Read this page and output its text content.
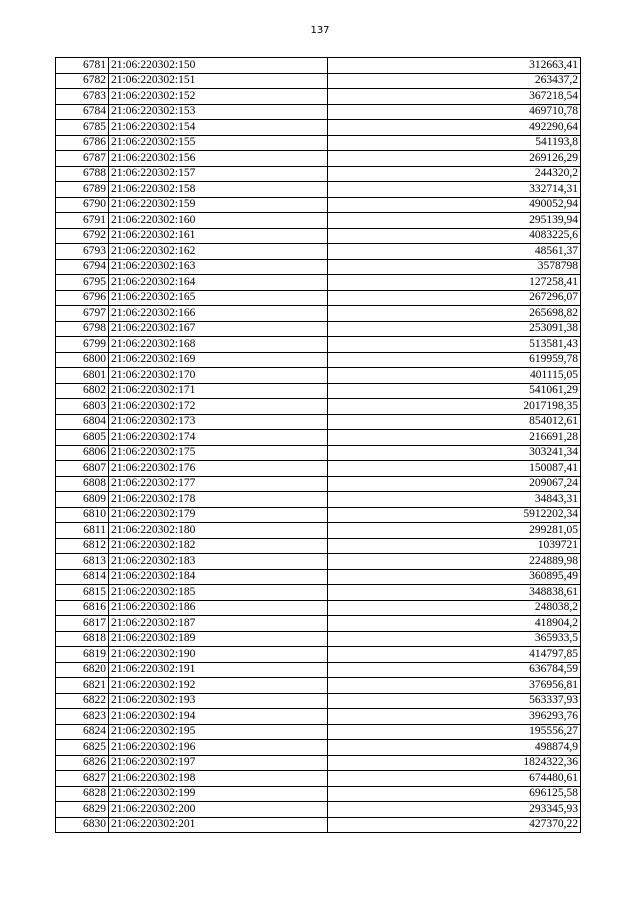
137
6781	21:06:220302:150	312663,41
6782	21:06:220302:151	263437,2
6783	21:06:220302:152	367218,54
6784	21:06:220302:153	469710,78
6785	21:06:220302:154	492290,64
6786	21:06:220302:155	541193,8
6787	21:06:220302:156	269126,29
6788	21:06:220302:157	244320,2
6789	21:06:220302:158	332714,31
6790	21:06:220302:159	490052,94
6791	21:06:220302:160	295139,94
6792	21:06:220302:161	4083225,6
6793	21:06:220302:162	48561,37
6794	21:06:220302:163	3578798
6795	21:06:220302:164	127258,41
6796	21:06:220302:165	267296,07
6797	21:06:220302:166	265698,82
6798	21:06:220302:167	253091,38
6799	21:06:220302:168	513581,43
6800	21:06:220302:169	619959,78
6801	21:06:220302:170	401115,05
6802	21:06:220302:171	541061,29
6803	21:06:220302:172	2017198,35
6804	21:06:220302:173	854012,61
6805	21:06:220302:174	216691,28
6806	21:06:220302:175	303241,34
6807	21:06:220302:176	150087,41
6808	21:06:220302:177	209067,24
6809	21:06:220302:178	34843,31
6810	21:06:220302:179	5912202,34
6811	21:06:220302:180	299281,05
6812	21:06:220302:182	1039721
6813	21:06:220302:183	224889,98
6814	21:06:220302:184	360895,49
6815	21:06:220302:185	348838,61
6816	21:06:220302:186	248038,2
6817	21:06:220302:187	418904,2
6818	21:06:220302:189	365933,5
6819	21:06:220302:190	414797,85
6820	21:06:220302:191	636784,59
6821	21:06:220302:192	376956,81
6822	21:06:220302:193	563337,93
6823	21:06:220302:194	396293,76
6824	21:06:220302:195	195556,27
6825	21:06:220302:196	498874,9
6826	21:06:220302:197	1824322,36
6827	21:06:220302:198	674480,61
6828	21:06:220302:199	696125,58
6829	21:06:220302:200	293345,93
6830	21:06:220302:201	427370,22
